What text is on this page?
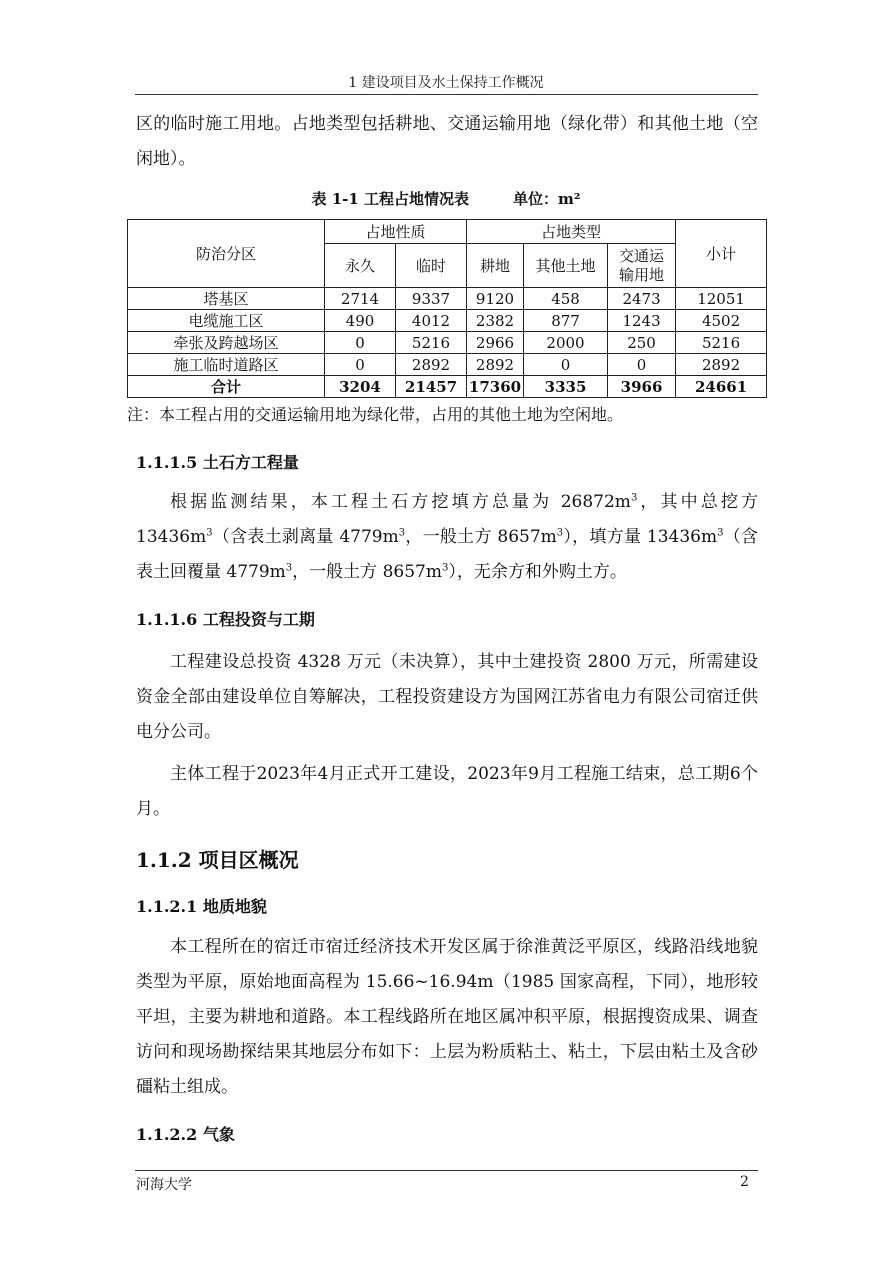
1 建设项目及水土保持工作概况

区的临时施工用地。占地类型包括耕地、交通运输用地（绿化带）和其他土地（空闲地）。

表 1-1 工程占地情况表	单位：m²
防治分区	占地性质		占地类型			小计
	永久	临时	耕地	其他土地	交通运
输用地	
塔基区	2714	9337	9120	458	2473	12051
电缆施工区	490	4012	2382	877	1243	4502
牵张及跨越场区	0	5216	2966	2000	250	5216
施工临时道路区	0	2892	2892	0	0	2892
合计	3204	21457	17360	3335	3966	24661
注：本工程占用的交通运输用地为绿化带，占用的其他土地为空闲地。
1.1.1.5 土石方工程量

根据监测结果，本工程土石方挖填方总量为 $26872m^3$，其中总挖方 $13436m^3$（含表土剥离量 $4779m^3$，一般土方 $8657m^3$），填方量 $13436m^3$（含表土回覆量 $4779m^3$，一般土方 $8657m^3$），无余方和外购土方。

1.1.1.6 工程投资与工期

工程建设总投资 4328 万元（未决算），其中土建投资 2800 万元，所需建设资金全部由建设单位自筹解决，工程投资建设方为国网江苏省电力有限公司宿迁供电分公司。

主体工程于2023年4月正式开工建设，2023年9月工程施工结束，总工期6个月。

1.1.2 项目区概况
1.1.2.1 地质地貌

本工程所在的宿迁市宿迁经济技术开发区属于徐淮黄泛平原区，线路沿线地貌类型为平原，原始地面高程为 15.66~16.94m（1985 国家高程，下同），地形较平坦，主要为耕地和道路。本工程线路所在地区属冲积平原，根据搜资成果、调查访问和现场勘探结果其地层分布如下：上层为粉质粘土、粘土，下层由粘土及含砂礓粘土组成。

1.1.2.2 气象
河海大学	2
